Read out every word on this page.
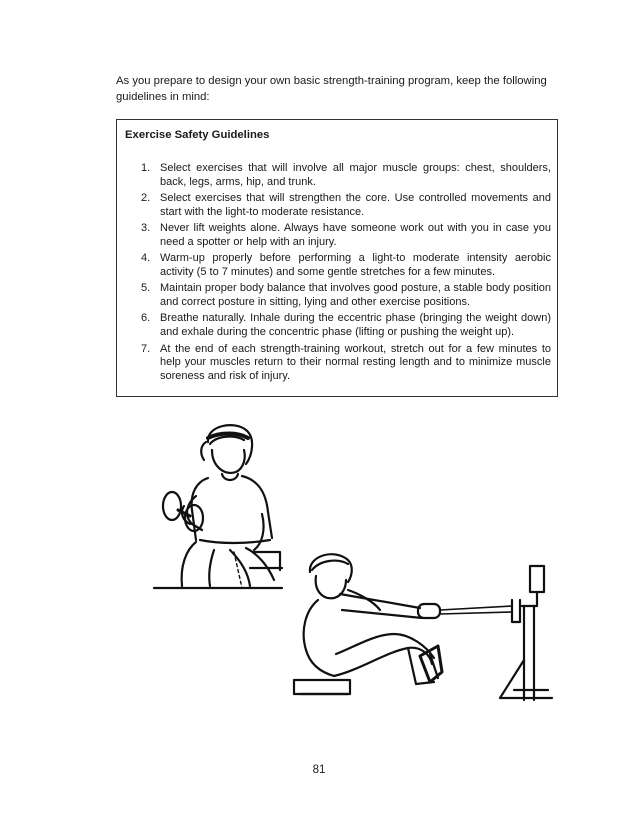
As you prepare to design your own basic strength-training program, keep the following guidelines in mind:

Exercise Safety Guidelines

1. Select exercises that will involve all major muscle groups: chest, shoulders, back, legs, arms, hip, and trunk.
2. Select exercises that will strengthen the core. Use controlled movements and start with the light-to moderate resistance.
3. Never lift weights alone. Always have someone work out with you in case you need a spotter or help with an injury.
4. Warm-up properly before performing a light-to moderate intensity aerobic activity (5 to 7 minutes) and some gentle stretches for a few minutes.
5. Maintain proper body balance that involves good posture, a stable body position and correct posture in sitting, lying and other exercise positions.
6. Breathe naturally. Inhale during the eccentric phase (bringing the weight down) and exhale during the concentric phase (lifting or pushing the weight up).
7. At the end of each strength-training workout, stretch out for a few minutes to help your muscles return to their normal resting length and to minimize muscle soreness and risk of injury.
81
